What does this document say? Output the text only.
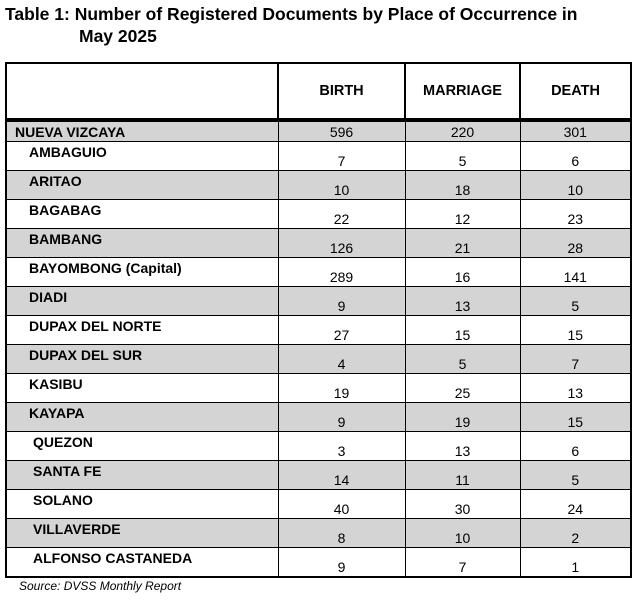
Table 1: Number of Registered Documents by Place of Occurrence in
May 2025
	BIRTH	MARRIAGE	DEATH
NUEVA VIZCAYA	596	220	301
AMBAGUIO	7	5	6
ARITAO	10	18	10
BAGABAG	22	12	23
BAMBANG	126	21	28
BAYOMBONG (Capital)	289	16	141
DIADI	9	13	5
DUPAX DEL NORTE	27	15	15
DUPAX DEL SUR	4	5	7
KASIBU	19	25	13
KAYAPA	9	19	15
QUEZON	3	13	6
SANTA FE	14	11	5
SOLANO	40	30	24
VILLAVERDE	8	10	2
ALFONSO CASTANEDA	9	7	1
Source: DVSS Monthly Report
